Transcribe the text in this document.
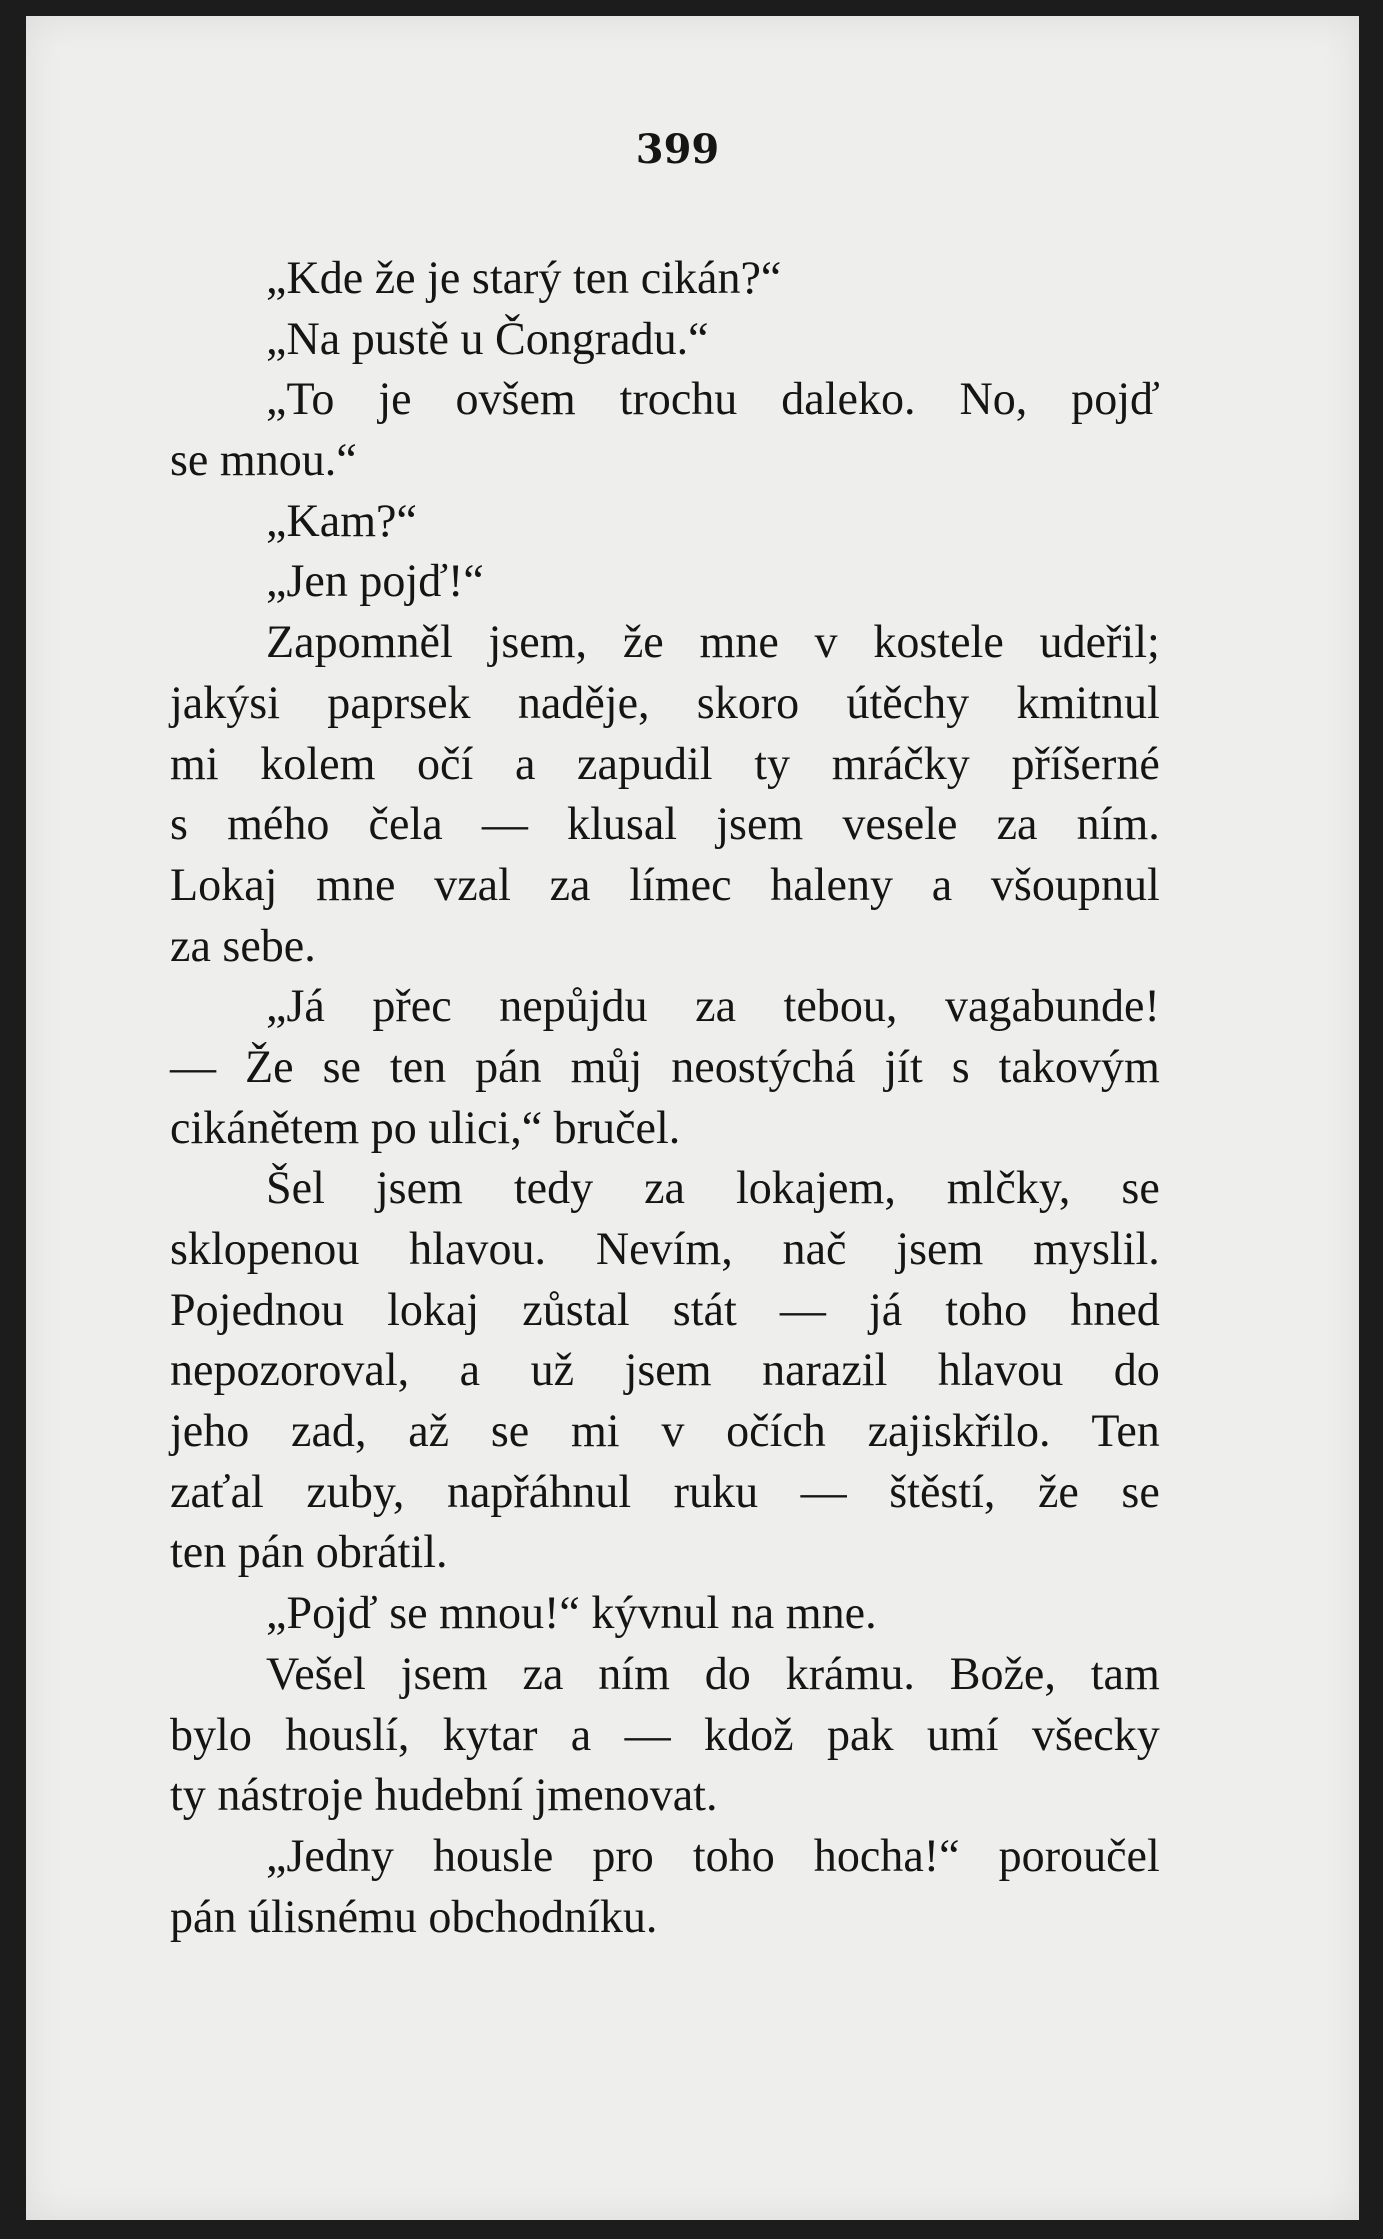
399
„Kde že je starý ten cikán?“
„Na pustě u Čongradu.“
„To je ovšem trochu daleko. No, pojď
se mnou.“
„Kam?“
„Jen pojď!“
Zapomněl jsem, že mne v kostele udeřil;
jakýsi paprsek naděje, skoro útěchy kmitnul
mi kolem očí a zapudil ty mráčky příšerné
s mého čela — klusal jsem vesele za ním.
Lokaj mne vzal za límec haleny a všoupnul
za sebe.
„Já přec nepůjdu za tebou, vagabunde!
— Že se ten pán můj neostýchá jít s takovým
cikánětem po ulici,“ bručel.
Šel jsem tedy za lokajem, mlčky, se
sklopenou hlavou. Nevím, nač jsem myslil.
Pojednou lokaj zůstal stát — já toho hned
nepozoroval, a už jsem narazil hlavou do
jeho zad, až se mi v očích zajiskřilo. Ten
zaťal zuby, napřáhnul ruku — štěstí, že se
ten pán obrátil.
„Pojď se mnou!“ kývnul na mne.
Vešel jsem za ním do krámu. Bože, tam
bylo houslí, kytar a — kdož pak umí všecky
ty nástroje hudební jmenovat.
„Jedny housle pro toho hocha!“ poroučel
pán úlisnému obchodníku.
